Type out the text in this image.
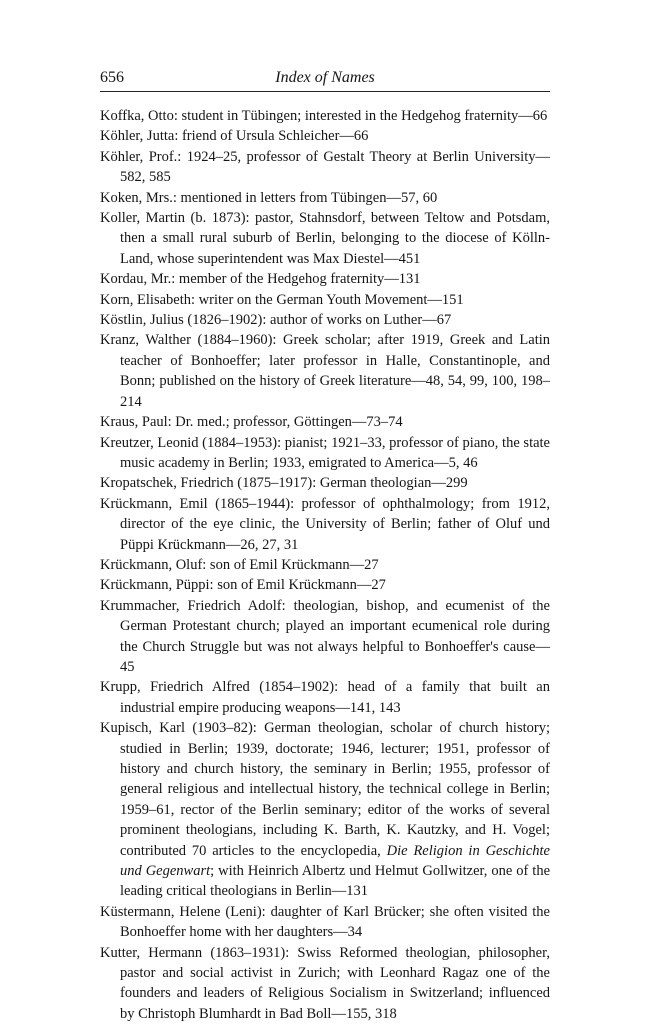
656	Index of Names

Koffka, Otto: student in Tübingen; interested in the Hedgehog fraternity—66

Köhler, Jutta: friend of Ursula Schleicher—66

Köhler, Prof.: 1924–25, professor of Gestalt Theory at Berlin University—582, 585

Koken, Mrs.: mentioned in letters from Tübingen—57, 60

Koller, Martin (b. 1873): pastor, Stahnsdorf, between Teltow and Potsdam, then a small rural suburb of Berlin, belonging to the diocese of Kölln-Land, whose superintendent was Max Diestel—451

Kordau, Mr.: member of the Hedgehog fraternity—131

Korn, Elisabeth: writer on the German Youth Movement—151

Köstlin, Julius (1826–1902): author of works on Luther—67

Kranz, Walther (1884–1960): Greek scholar; after 1919, Greek and Latin teacher of Bonhoeffer; later professor in Halle, Constantinople, and Bonn; published on the history of Greek literature—48, 54, 99, 100, 198–214

Kraus, Paul: Dr. med.; professor, Göttingen—73–74

Kreutzer, Leonid (1884–1953): pianist; 1921–33, professor of piano, the state music academy in Berlin; 1933, emigrated to America—5, 46

Kropatschek, Friedrich (1875–1917): German theologian—299

Krückmann, Emil (1865–1944): professor of ophthalmology; from 1912, director of the eye clinic, the University of Berlin; father of Oluf und Püppi Krückmann—26, 27, 31

Krückmann, Oluf: son of Emil Krückmann—27

Krückmann, Püppi: son of Emil Krückmann—27

Krummacher, Friedrich Adolf: theologian, bishop, and ecumenist of the German Protestant church; played an important ecumenical role during the Church Struggle but was not always helpful to Bonhoeffer's cause—45

Krupp, Friedrich Alfred (1854–1902): head of a family that built an industrial empire producing weapons—141, 143

Kupisch, Karl (1903–82): German theologian, scholar of church history; studied in Berlin; 1939, doctorate; 1946, lecturer; 1951, professor of history and church history, the seminary in Berlin; 1955, professor of general religious and intellectual history, the technical college in Berlin; 1959–61, rector of the Berlin seminary; editor of the works of several prominent theologians, including K. Barth, K. Kautzky, and H. Vogel; contributed 70 articles to the encyclopedia, Die Religion in Geschichte und Gegenwart; with Heinrich Albertz und Helmut Gollwitzer, one of the leading critical theologians in Berlin—131

Küstermann, Helene (Leni): daughter of Karl Brücker; she often visited the Bonhoeffer home with her daughters—34

Kutter, Hermann (1863–1931): Swiss Reformed theologian, philosopher, pastor and social activist in Zurich; with Leonhard Ragaz one of the founders and leaders of Religious Socialism in Switzerland; influenced by Christoph Blumhardt in Bad Boll—155, 318
